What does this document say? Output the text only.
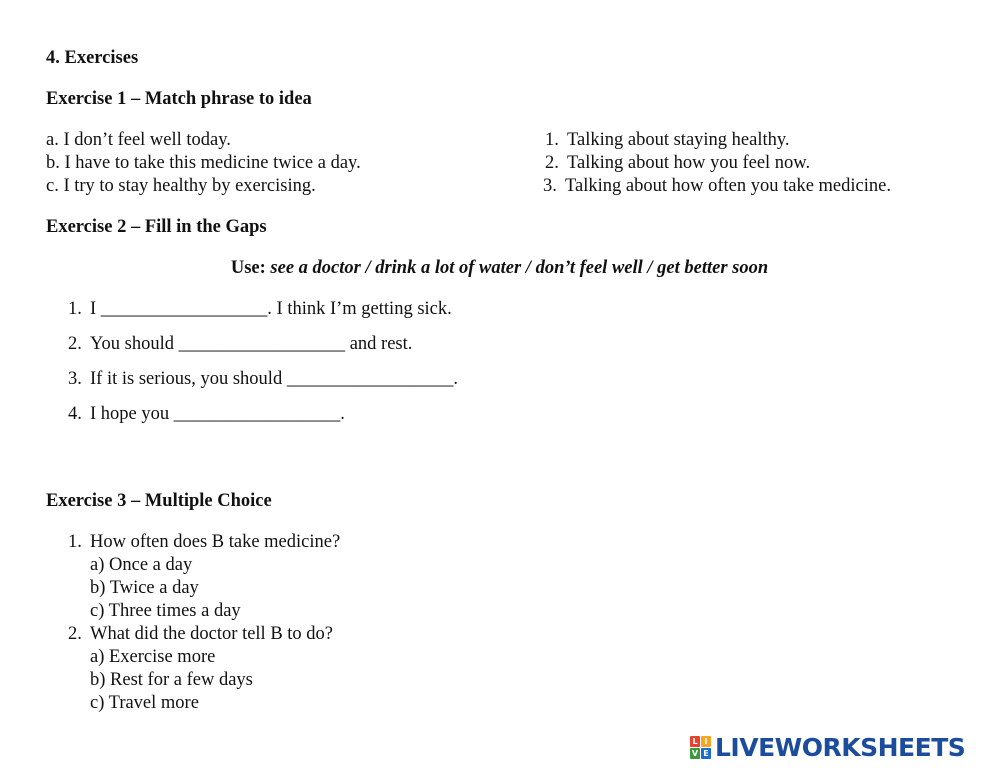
4. Exercises
Exercise 1 – Match phrase to idea
a. I don’t feel well today.
b. I have to take this medicine twice a day.
c. I try to stay healthy by exercising.
1. Talking about staying healthy.
2. Talking about how you feel now.
3. Talking about how often you take medicine.
Exercise 2 – Fill in the Gaps
Use: see a doctor / drink a lot of water / don’t feel well / get better soon
1. I __________________. I think I’m getting sick.
2. You should __________________ and rest.
3. If it is serious, you should __________________.
4. I hope you __________________.
Exercise 3 – Multiple Choice
1. How often does B take medicine?
a) Once a day
b) Twice a day
c) Three times a day
2. What did the doctor tell B to do?
a) Exercise more
b) Rest for a few days
c) Travel more
L I
V E LIVEWORKSHEETS
